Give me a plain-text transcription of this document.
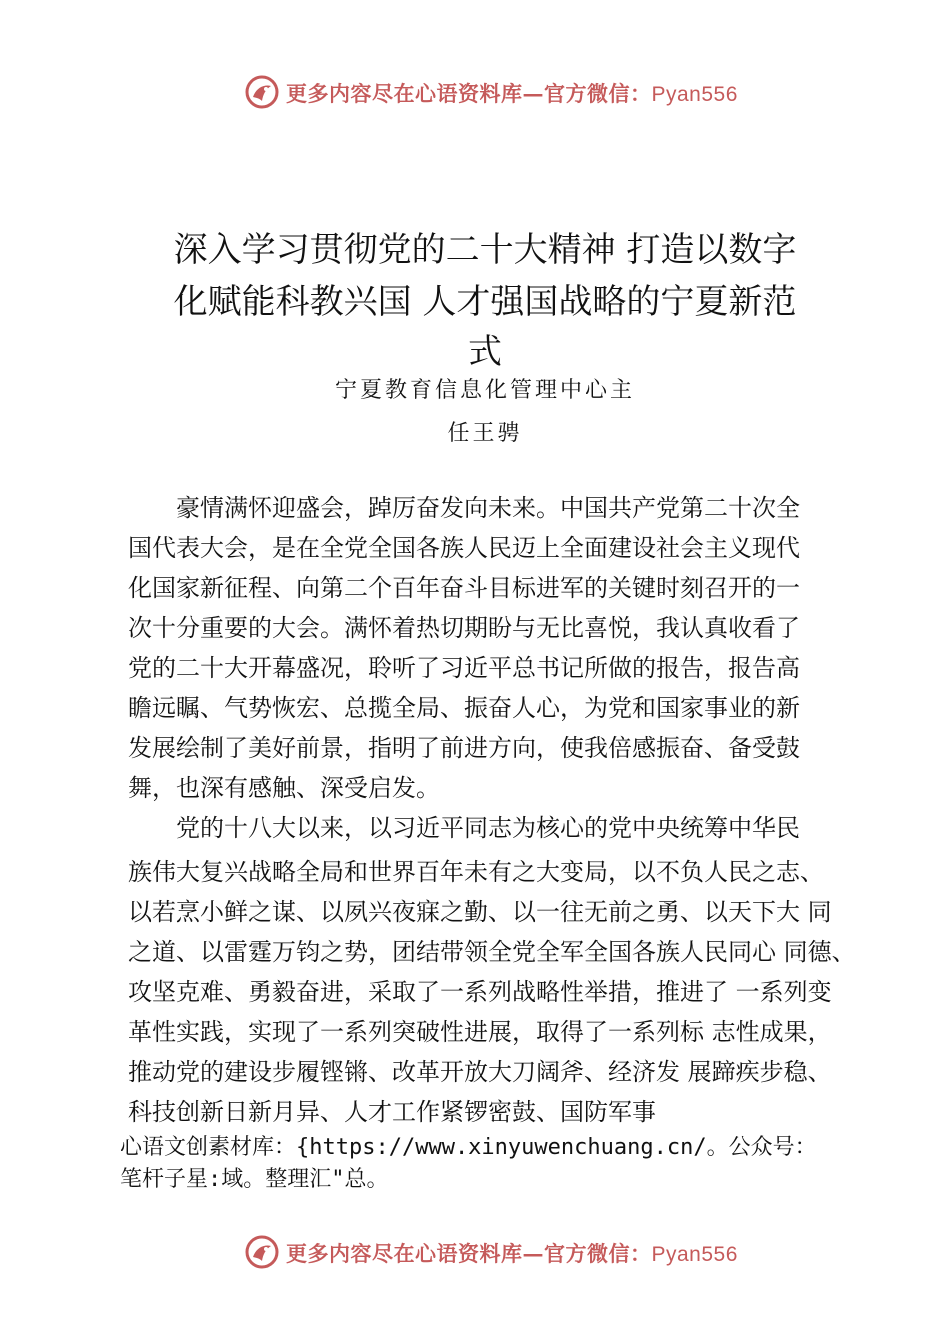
更多内容尽在心语资料库—官方微信：Pyan556
深入学习贯彻党的二十大精神 打造以数字
化赋能科教兴国 人才强国战略的宁夏新范
式
宁夏教育信息化管理中心主
任王骋
豪情满怀迎盛会，踔厉奋发向未来。中国共产党第二十次全
国代表大会，是在全党全国各族人民迈上全面建设社会主义现代
化国家新征程、向第二个百年奋斗目标进军的关键时刻召开的一
次十分重要的大会。满怀着热切期盼与无比喜悦，我认真收看了
党的二十大开幕盛况，聆听了习近平总书记所做的报告，报告高
瞻远瞩、气势恢宏、总揽全局、振奋人心，为党和国家事业的新
发展绘制了美好前景，指明了前进方向，使我倍感振奋、备受鼓
舞，也深有感触、深受启发。
党的十八大以来，以习近平同志为核心的党中央统筹中华民
族伟大复兴战略全局和世界百年未有之大变局，以不负人民之志、
以若烹小鲜之谋、以夙兴夜寐之勤、以一往无前之勇、以天下大 同
之道、以雷霆万钧之势，团结带领全党全军全国各族人民同心 同德、
攻坚克难、勇毅奋进，采取了一系列战略性举措，推进了 一系列变
革性实践，实现了一系列突破性进展，取得了一系列标 志性成果，
推动党的建设步履铿锵、改革开放大刀阔斧、经济发 展蹄疾步稳、
科技创新日新月异、人才工作紧锣密鼓、国防军事
心语文创素材库：{https://www.xinyuwenchuang.cn/。公众号：
笔杆子星:域。整理汇"总。
更多内容尽在心语资料库—官方微信：Pyan556
